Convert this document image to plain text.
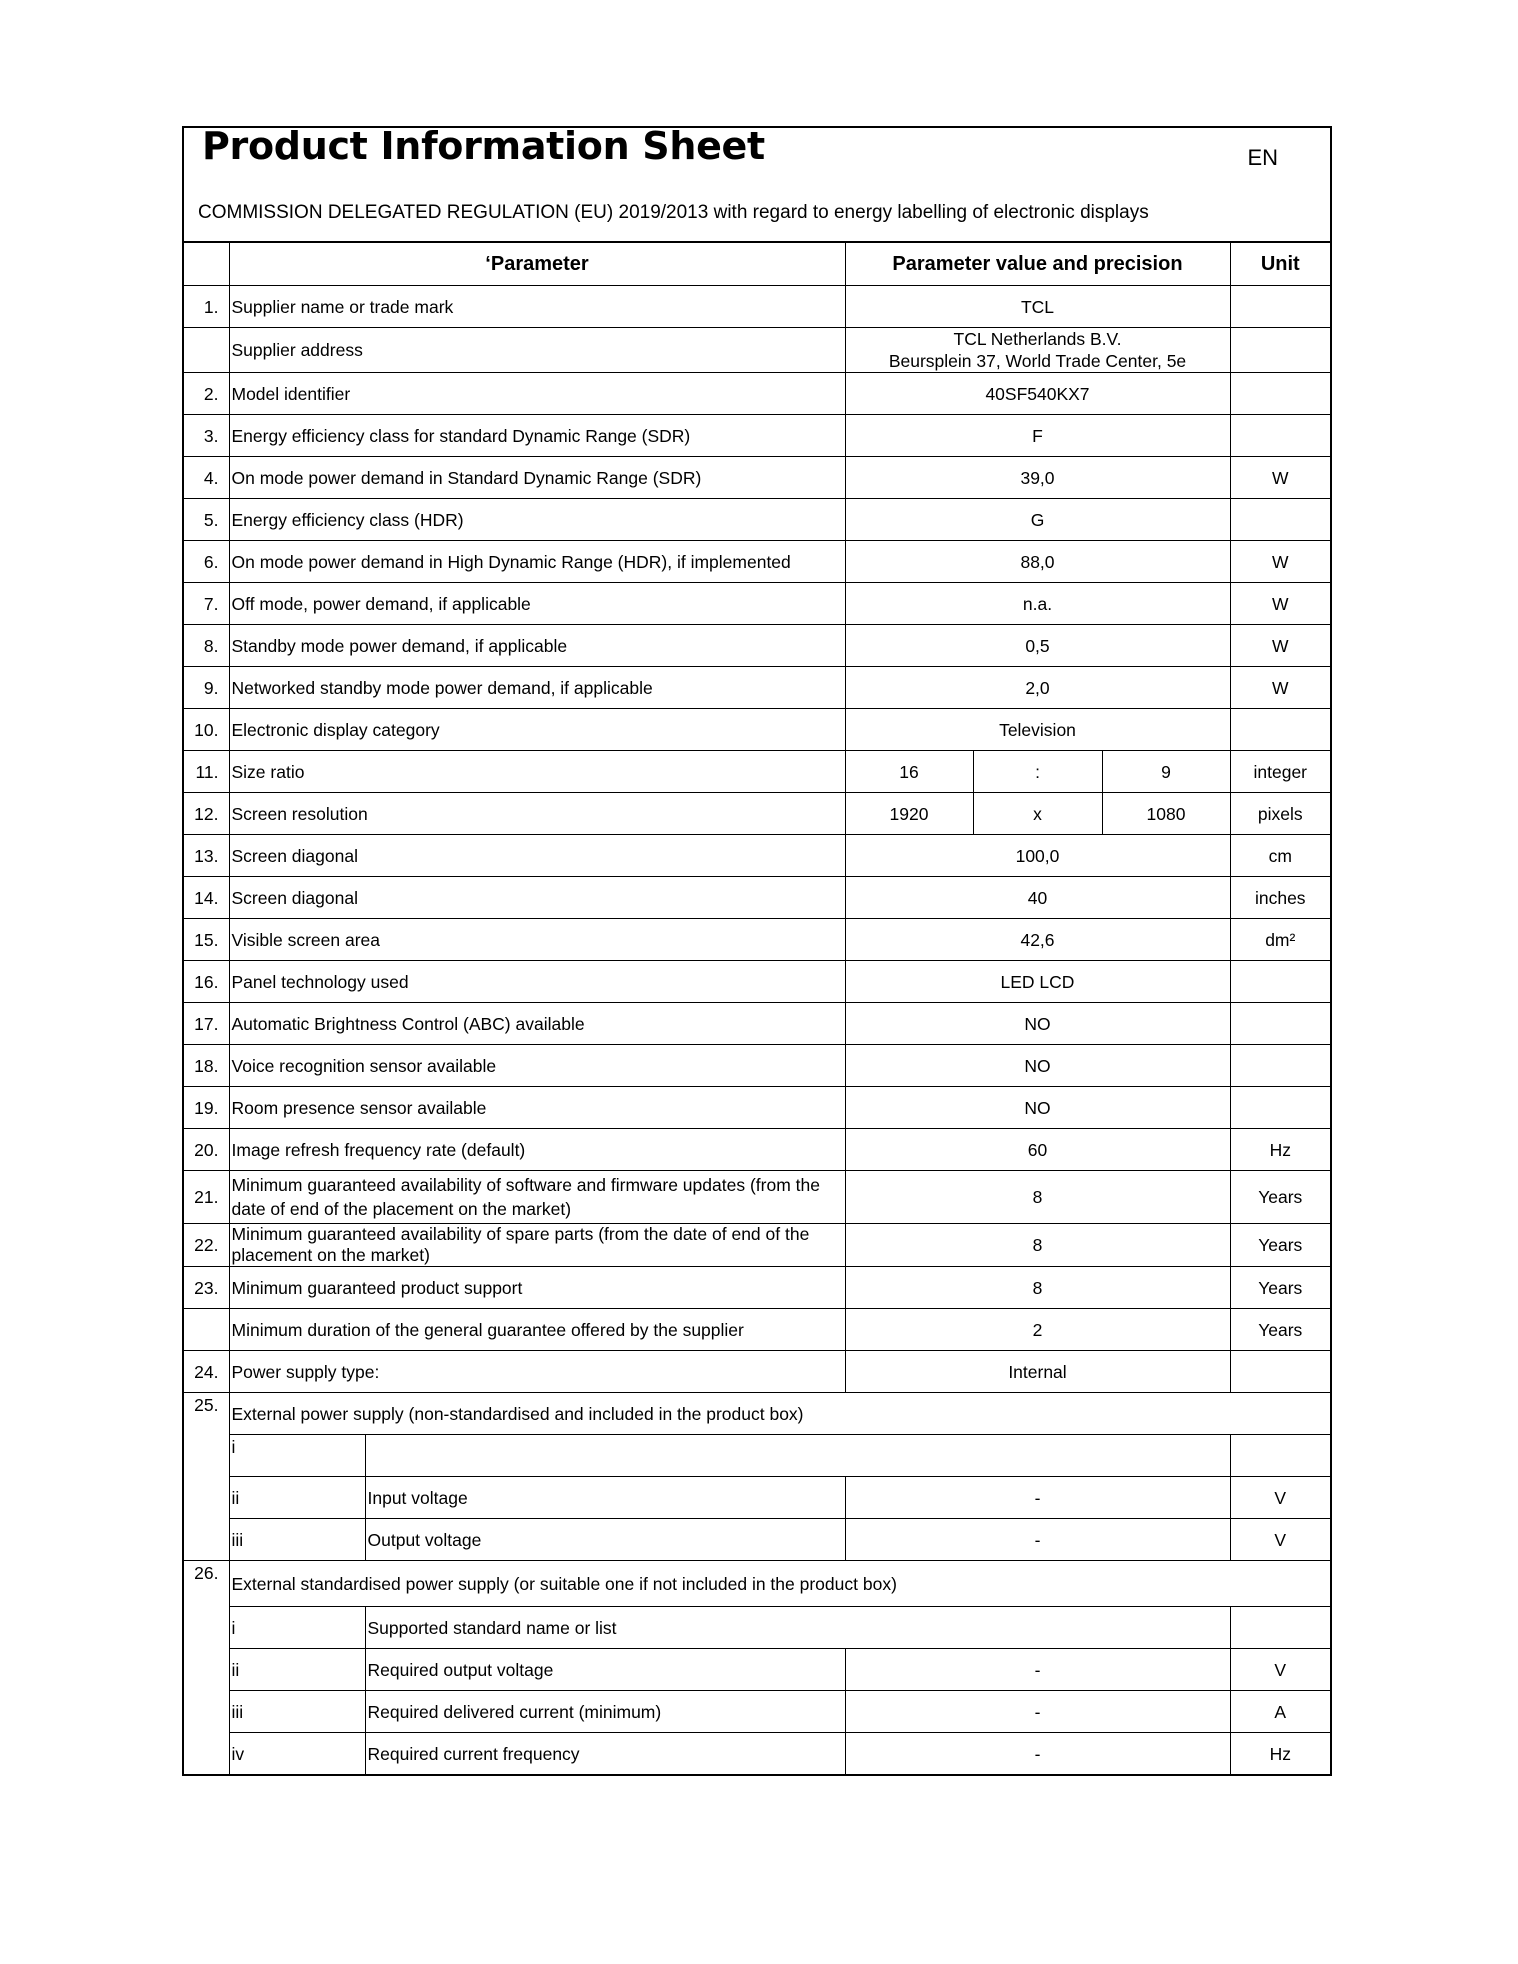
Product Information Sheet EN
COMMISSION DELEGATED REGULATION (EU) 2019/2013 with regard to energy labelling of electronic displays						

	‘Parameter		Parameter value and precision			Unit
1.	Supplier name or trade mark		TCL			
	Supplier address		TCL Netherlands B.V.
Beursplein 37, World Trade Center, 5e			

2.	Model identifier		40SF540KX7			
3.	Energy efficiency class for standard Dynamic Range (SDR)		F			
4.	On mode power demand in Standard Dynamic Range (SDR)		39,0			W
5.	Energy efficiency class (HDR)		G			
6.	On mode power demand in High Dynamic Range (HDR), if implemented		88,0			W
7.	Off mode, power demand, if applicable		n.a.			W
8.	Standby mode power demand, if applicable		0,5			W
9.	Networked standby mode power demand, if applicable		2,0			W
10.	Electronic display category		Television			
11.	Size ratio		16	:	9	integer
12.	Screen resolution		1920	x	1080	pixels
13.	Screen diagonal		100,0			cm
14.	Screen diagonal		40			inches
15.	Visible screen area		42,6			dm²
16.	Panel technology used		LED LCD			
17.	Automatic Brightness Control (ABC) available		NO			
18.	Voice recognition sensor available		NO			
19.	Room presence sensor available		NO			
20.	Image refresh frequency rate (default)		60			Hz
21.	Minimum guaranteed availability of software and firmware updates (from the
date of end of the placement on the market)		8			Years
22.	Minimum guaranteed availability of spare parts (from the date of end of the
placement on the market)		8			Years
23.	Minimum guaranteed product support		8			Years
	Minimum duration of the general guarantee offered by the supplier		2			Years
24.	Power supply type:		Internal			
25.	External power supply (non-standardised and included in the product box)					
	i					
	ii	Input voltage	-			V
	iii	Output voltage	-			V
26.	External standardised power supply (or suitable one if not included in the product box)					
	i	Supported standard name or list				
	ii	Required output voltage	-			V
	iii	Required delivered current (minimum)	-			A
	iv	Required current frequency	-			Hz
